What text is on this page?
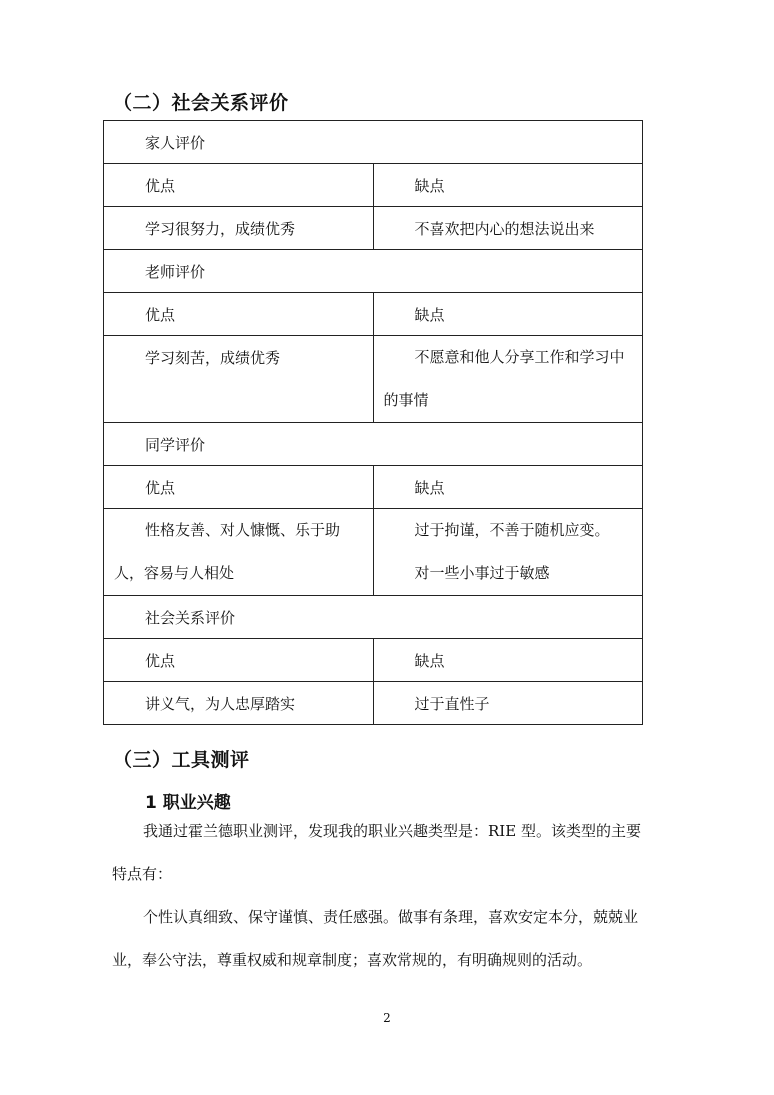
（二）社会关系评价
家人评价	

优点	缺点

学习很努力，成绩优秀	不喜欢把内心的想法说出来

老师评价	

优点	缺点

学习刻苦，成绩优秀	不愿意和他人分享工作和学习中的事情

同学评价	

优点	缺点

性格友善、对人慷慨、乐于助人，容易与人相处	过于拘谨，不善于随机应变。
对一些小事过于敏感

社会关系评价	

优点	缺点

讲义气，为人忠厚踏实	过于直性子
（三）工具测评
1 职业兴趣
我通过霍兰德职业测评，发现我的职业兴趣类型是：RIE 型。该类型的主要特点有：
个性认真细致、保守谨慎、责任感强。做事有条理，喜欢安定本分，兢兢业业，奉公守法，尊重权威和规章制度；喜欢常规的，有明确规则的活动。
2
